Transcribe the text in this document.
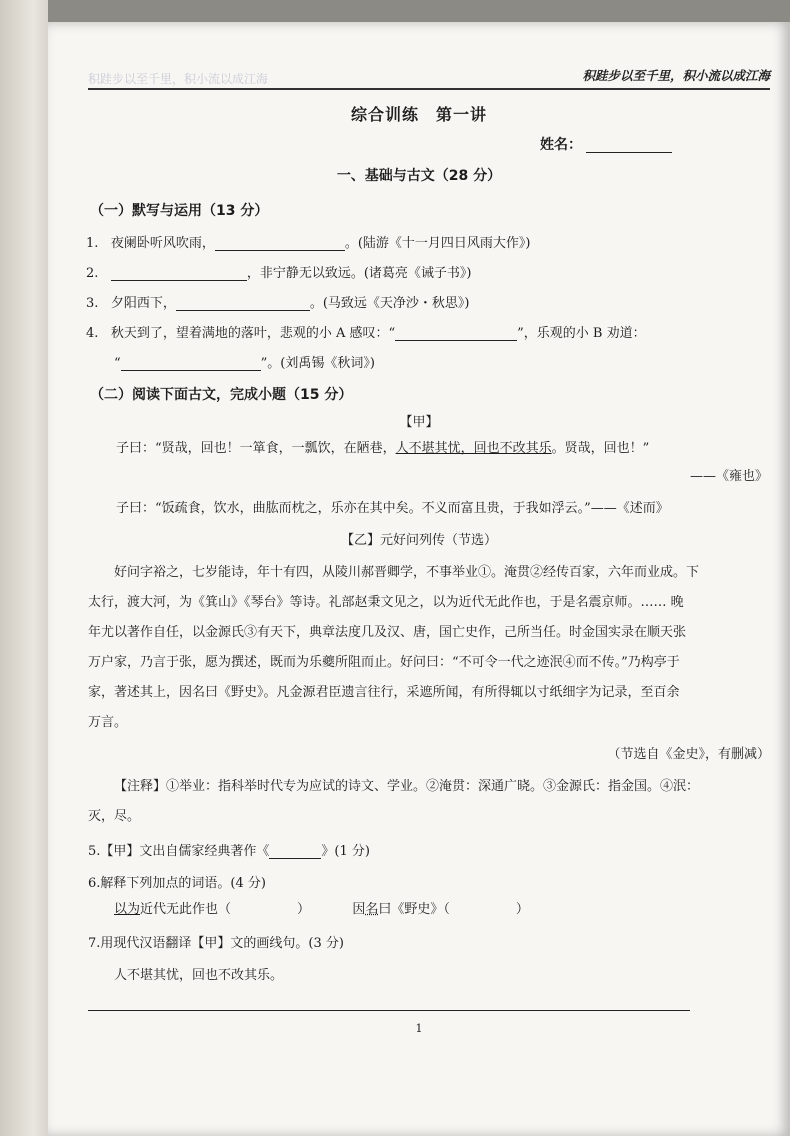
积跬步以至千里，积小流以成江海	积跬步以至千里，积小流以成江海
综合训练　第一讲
姓名：
一、基础与古文（28 分）
（一）默写与运用（13 分）
1. 夜阑卧听风吹雨，	。(陆游《十一月四日风雨大作》)
2.	，非宁静无以致远。(诸葛亮《诫子书》)
3. 夕阳西下，	。(马致远《天净沙・秋思》)
4. 秋天到了，望着满地的落叶，悲观的小 A 感叹：“	”，乐观的小 B 劝道：
“	”。(刘禹锡《秋词》)
（二）阅读下面古文，完成小题（15 分）
【甲】
子曰：“贤哉，回也！一箪食，一瓢饮，在陋巷，人不堪其忧，回也不改其乐。贤哉，回也！”
——《雍也》
子曰：“饭疏食，饮水，曲肱而枕之，乐亦在其中矣。不义而富且贵，于我如浮云。”——《述而》
【乙】元好问列传（节选）
好问字裕之，七岁能诗，年十有四，从陵川郝晋卿学，不事举业①。淹贯②经传百家，六年而业成。下
太行，渡大河，为《箕山》《琴台》等诗。礼部赵秉文见之，以为近代无此作也，于是名震京师。…… 晚
年尤以著作自任，以金源氏③有天下，典章法度几及汉、唐，国亡史作，己所当任。时金国实录在顺天张
万户家，乃言于张，愿为撰述，既而为乐夔所阻而止。好问曰：“不可令一代之迹泯④而不传。”乃构亭于
家，著述其上，因名曰《野史》。凡金源君臣遗言往行，采遮所闻，有所得辄以寸纸细字为记录，至百余
万言。
（节选自《金史》，有删减）
【注释】①举业：指科举时代专为应试的诗文、学业。②淹贯：深通广晓。③金源氏：指金国。④泯：
灭，尽。
5.【甲】文出自儒家经典著作《	》(1 分)
6.解释下列加点的词语。(4 分)
以为近代无此作也（	）	因名曰《野史》（	）
7.用现代汉语翻译【甲】文的画线句。(3 分)
人不堪其忧，回也不改其乐。
1
